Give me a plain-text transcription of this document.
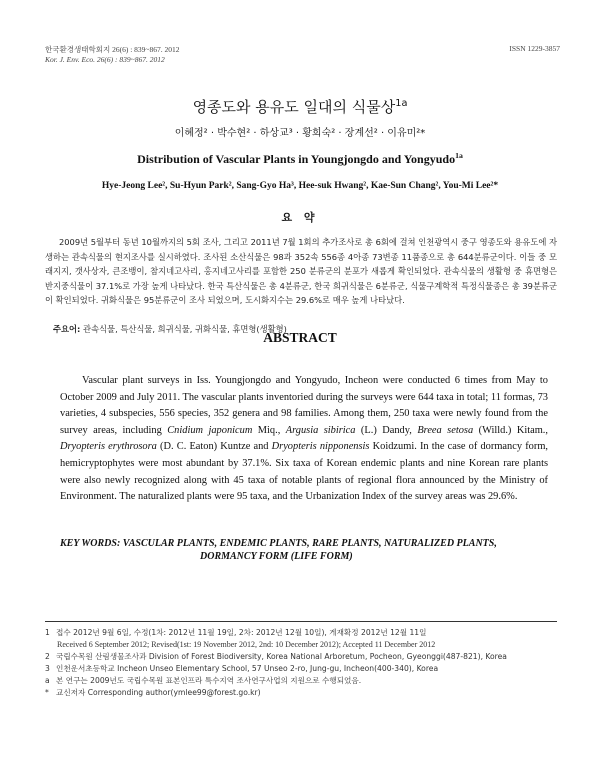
한국환경생태학회지 26(6) : 839~867. 2012
Kor. J. Env. Eco. 26(6) : 839~867. 2012
ISSN 1229-3857
영종도와 용유도 일대의 식물상$^{1a}$
이혜정² · 박수현² · 하상교³ · 황희숙² · 장계선² · 이유미²*
Distribution of Vascular Plants in Youngjongdo and Yongyudo$^{1a}$
Hye-Jeong Lee², Su-Hyun Park², Sang-Gyo Ha³, Hee-suk Hwang², Kae-Sun Chang², You-Mi Lee²*
요 약
2009년 5월부터 동년 10월까지의 5회 조사, 그리고 2011년 7월 1회의 추가조사로 총 6회에 걸쳐 인천광역시 중구 영종도와 용유도에 자생하는 관속식물의 현지조사를 실시하였다. 조사된 소산식물은 98과 352속 556종 4아종 73변종 11품종으로 총 644분류군이다. 이들 중 모래지지, 갯사상자, 큰조뱅이, 참지네고사리, 홍지네고사리를 포함한 250 분류군의 분포가 새롭게 확인되었다. 관속식물의 생활형 중 휴면형은 반지중식물이 37.1%로 가장 높게 나타났다. 한국 특산식물은 총 4분류군, 한국 희귀식물은 6분류군, 식물구계학적 특정식물종은 총 39분류군이 확인되었다. 귀화식물은 95분류군이 조사 되었으며, 도시화지수는 29.6%로 매우 높게 나타났다.
주요어: 관속식물, 특산식물, 희귀식물, 귀화식물, 휴면형(생활형)
ABSTRACT
Vascular plant surveys in Iss. Youngjongdo and Yongyudo, Incheon were conducted 6 times from May to October 2009 and July 2011. The vascular plants inventoried during the surveys were 644 taxa in total; 11 formas, 73 varieties, 4 subspecies, 556 species, 352 genera and 98 families. Among them, 250 taxa were newly found from the survey areas, including Cnidium japonicum Miq., Argusia sibirica (L.) Dandy, Breea setosa (Willd.) Kitam., Dryopteris erythrosora (D. C. Eaton) Kuntze and Dryopteris nipponensis Koidzumi. In the case of dormancy form, hemicryptophytes were most abundant by 37.1%. Six taxa of Korean endemic plants and nine Korean rare plants were also newly recognized along with 45 taxa of notable plants of regional flora announced by the Ministry of Environment. The naturalized plants were 95 taxa, and the Urbanization Index of the survey areas was 29.6%.
KEY WORDS: VASCULAR PLANTS, ENDEMIC PLANTS, RARE PLANTS, NATURALIZED PLANTS,
DORMANCY FORM (LIFE FORM)
1 접수 2012년 9월 6일, 수정(1차: 2012년 11월 19일, 2차: 2012년 12월 10일), 게재확정 2012년 12월 11일
Received 6 September 2012; Revised(1st: 19 November 2012, 2nd: 10 December 2012); Accepted 11 December 2012
2 국립수목원 산림생물조사과 Division of Forest Biodiversity, Korea National Arboretum, Pocheon, Gyeonggi(487-821), Korea
3 인천운서초등학교 Incheon Unseo Elementary School, 57 Unseo 2-ro, Jung-gu, Incheon(400-340), Korea
a 본 연구는 2009년도 국립수목원 표본인프라 특수지역 조사연구사업의 지원으로 수행되었음.
* 교신저자 Corresponding author(ymlee99@forest.go.kr)
